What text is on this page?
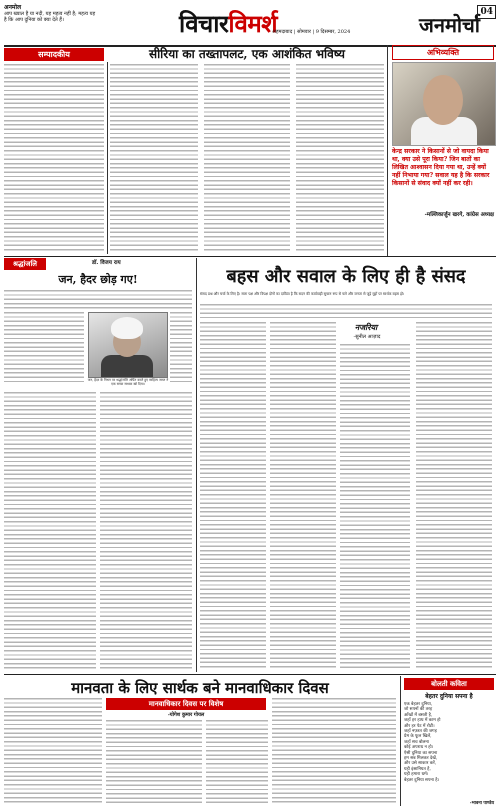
अनमोल
आप ख्याल है या नदी, यह महत्व नहीं है; महत्व यह है कि आप दुनिया को क्या देते हैं।	विचारविमर्श
अहमदाबाद | सोमवार | 9 दिसम्बर, 2024	जनमोर्चा
04
सम्पादकीय	सीरिया का तख्तापलट, एक आशंकित भविष्य	अभिव्यक्ति
केन्द्र सरकार ने किसानों से जो वायदा किया था, क्या उसे पूरा किया? जिन बातों का लिखित आश्वासन दिया गया था, उन्हें क्यों नहीं निभाया गया? सवाल यह है कि सरकार किसानों से संवाद क्यों नहीं कर रही।
-मल्लिकार्जुन खरगे, कांग्रेस अध्यक्ष
श्रद्धांजलि	डॉ. विजय राय
जन, हैदर छोड़ गए!
जन, हैदर के निधन पर श्रद्धांजलि अर्पित करते हुए साहित्य जगत ने एक सच्चा साधक खो दिया।
बहस और सवाल के लिए ही है संसद
संसद प्रश्न और चर्चा के लिए है। सत्ता पक्ष और विपक्ष दोनों का दायित्व है कि सदन की कार्यवाही सुचारु रूप से चले और जनता से जुड़े मुद्दों पर सार्थक बहस हो।
नजरिया
-सुनील आज़ाद
मानवता के लिए सार्थक बने मानवाधिकार दिवस
मानवाधिकार दिवस पर विशेष
-योगेश कुमार गोयल
बोलती कविता
बेहतर दुनिया सपना है
एक बेहतर दुनिया,
जो सपनों की तरह
आँखों में बसती है,
जहाँ हर हाथ में काम हो
और हर पेट में रोटी।
जहाँ नफ़रत की जगह
प्रेम के फूल खिलें,
जहाँ सच बोलना
कोई अपराध न हो।
ऐसी दुनिया का सपना
हम सब मिलकर देखें,
और उसे साकार करें,
यही इंसानियत है,
यही हमारा धर्म।
बेहतर दुनिया सपना है।
-भावना पाण्डेय
